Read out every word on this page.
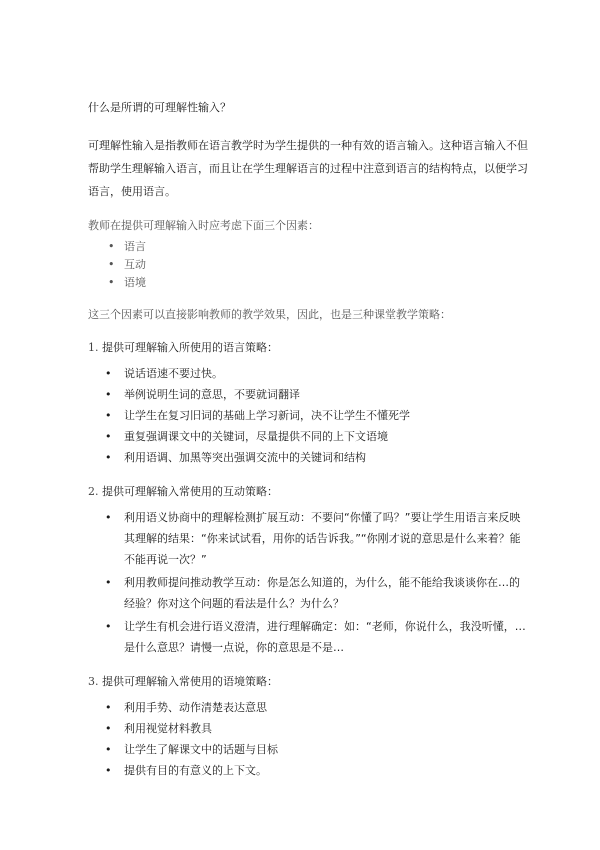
什么是所谓的可理解性输入？

可理解性输入是指教师在语言教学时为学生提供的一种有效的语言输入。这种语言输入不但帮助学生理解输入语言，而且让在学生理解语言的过程中注意到语言的结构特点，以便学习语言，使用语言。

教师在提供可理解输入时应考虑下面三个因素：

• 语言
• 互动
• 语境

这三个因素可以直接影响教师的教学效果，因此，也是三种课堂教学策略：

1. 提供可理解输入所使用的语言策略：

• 说话语速不要过快。
• 举例说明生词的意思，不要就词翻译
• 让学生在复习旧词的基础上学习新词，决不让学生不懂死学
• 重复强调课文中的关键词，尽量提供不同的上下文语境
• 利用语调、加黑等突出强调交流中的关键词和结构

2. 提供可理解输入常使用的互动策略：

• 利用语义协商中的理解检测扩展互动：不要问“你懂了吗？”要让学生用语言来反映其理解的结果：“你来试试看，用你的话告诉我。”“你刚才说的意思是什么来着？能不能再说一次？”
• 利用教师提问推动教学互动：你是怎么知道的，为什么，能不能给我谈谈你在…的经验？你对这个问题的看法是什么？为什么？
• 让学生有机会进行语义澄清，进行理解确定：如：“老师，你说什么，我没听懂，…是什么意思？请慢一点说，你的意思是不是…

3. 提供可理解输入常使用的语境策略：

• 利用手势、动作清楚表达意思
• 利用视觉材料教具
• 让学生了解课文中的话题与目标
• 提供有目的有意义的上下文。
